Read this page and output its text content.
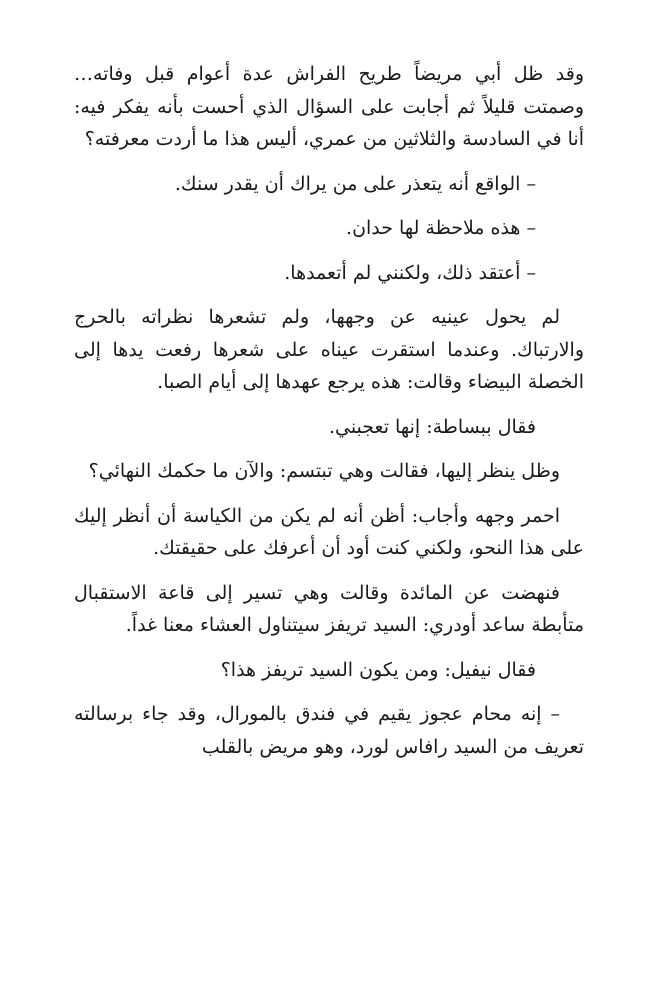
وقد ظل أبي مريضاً طريح الفراش عدة أعوام قبل وفاته… وصمتت قليلاً ثم أجابت على السؤال الذي أحست بأنه يفكر فيه: أنا في السادسة والثلاثين من عمري، أليس هذا ما أردت معرفته؟

– الواقع أنه يتعذر على من يراك أن يقدر سنك.

– هذه ملاحظة لها حدان.

– أعتقد ذلك، ولكنني لم أتعمدها.

لم يحول عينيه عن وجهها، ولم تشعرها نظراته بالحرج والارتباك. وعندما استقرت عيناه على شعرها رفعت يدها إلى الخصلة البيضاء وقالت: هذه يرجع عهدها إلى أيام الصبا.

فقال ببساطة: إنها تعجبني.

وظل ينظر إليها، فقالت وهي تبتسم: والآن ما حكمك النهائي؟

احمر وجهه وأجاب: أظن أنه لم يكن من الكياسة أن أنظر إليك على هذا النحو، ولكني كنت أود أن أعرفك على حقيقتك.

فنهضت عن المائدة وقالت وهي تسير إلى قاعة الاستقبال متأبطة ساعد أودري: السيد تريفز سيتناول العشاء معنا غداً.

فقال نيفيل: ومن يكون السيد تريفز هذا؟

– إنه محام عجوز يقيم في فندق بالمورال، وقد جاء برسالته تعريف من السيد رافاس لورد، وهو مريض بالقلب
